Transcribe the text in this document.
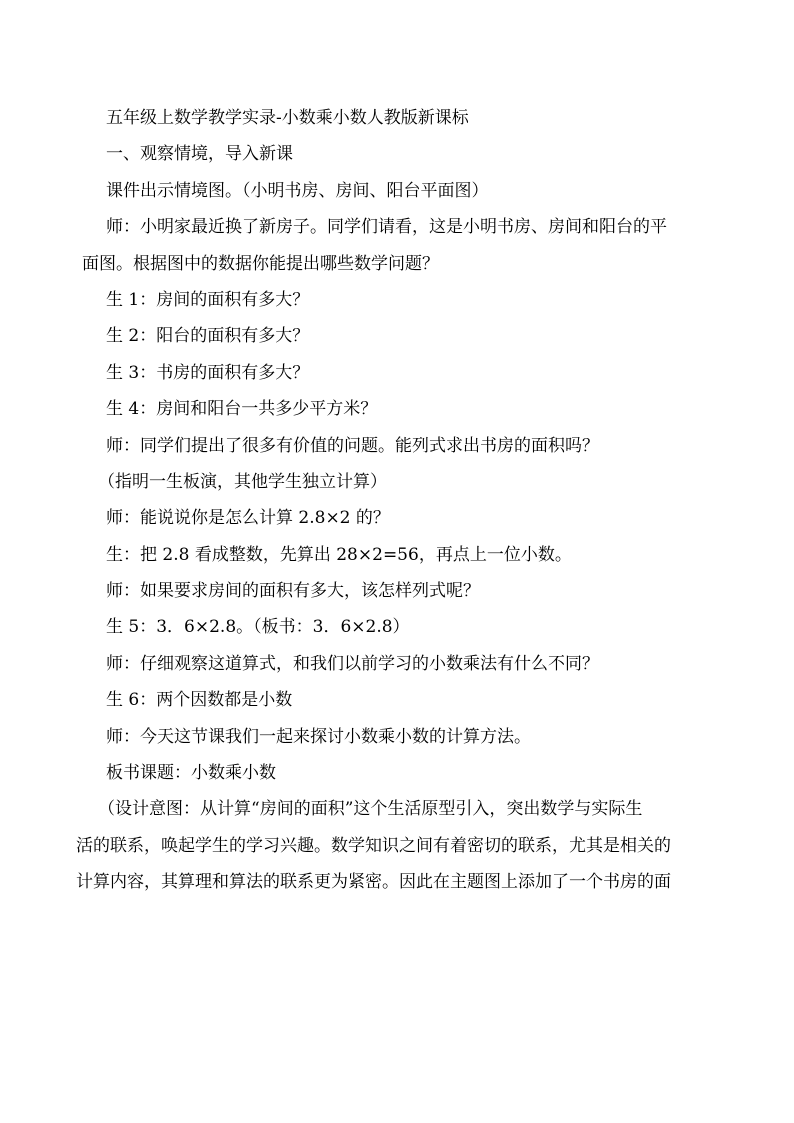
五年级上数学教学实录-小数乘小数人教版新课标
一、观察情境，导入新课
课件出示情境图。（小明书房、房间、阳台平面图）
师：小明家最近换了新房子。同学们请看，这是小明书房、房间和阳台的平
面图。根据图中的数据你能提出哪些数学问题？
生 1：房间的面积有多大？
生 2：阳台的面积有多大？
生 3：书房的面积有多大？
生 4：房间和阳台一共多少平方米？
师：同学们提出了很多有价值的问题。能列式求出书房的面积吗？
（指明一生板演，其他学生独立计算）
师：能说说你是怎么计算 2.8×2 的？
生：把 2.8 看成整数，先算出 28×2=56，再点上一位小数。
师：如果要求房间的面积有多大，该怎样列式呢？
生 5：3．6×2.8。（板书：3．6×2.8）
师：仔细观察这道算式，和我们以前学习的小数乘法有什么不同？
生 6：两个因数都是小数
师：今天这节课我们一起来探讨小数乘小数的计算方法。
板书课题：小数乘小数
（设计意图：从计算“房间的面积”这个生活原型引入，突出数学与实际生
活的联系，唤起学生的学习兴趣。数学知识之间有着密切的联系，尤其是相关的
计算内容，其算理和算法的联系更为紧密。因此在主题图上添加了一个书房的面
